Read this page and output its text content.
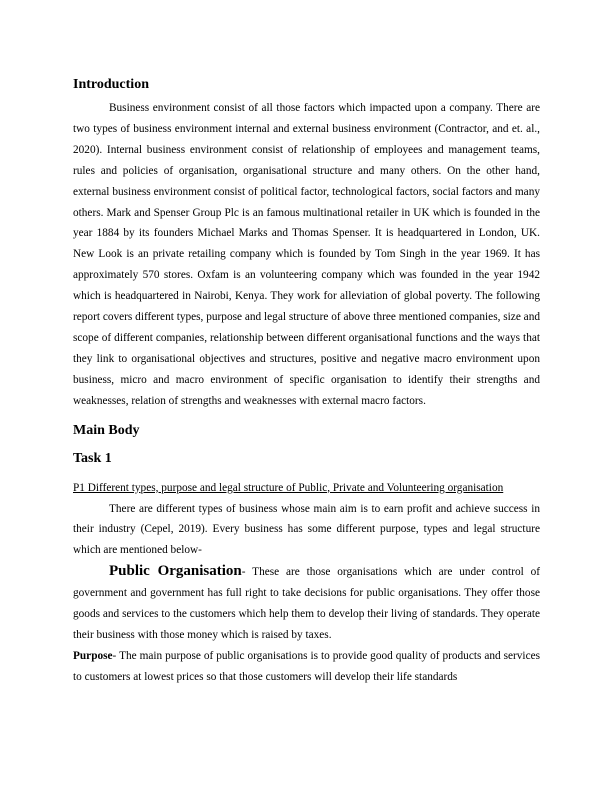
Introduction

Business environment consist of all those factors which impacted upon a company. There are two types of business environment internal and external business environment (Contractor, and et. al., 2020). Internal business environment consist of relationship of employees and management teams, rules and policies of organisation, organisational structure and many others. On the other hand, external business environment consist of political factor, technological factors, social factors and many others. Mark and Spenser Group Plc is an famous multinational retailer in UK which is founded in the year 1884 by its founders Michael Marks and Thomas Spenser. It is headquartered in London, UK. New Look is an private retailing company which is founded by Tom Singh in the year 1969. It has approximately 570 stores. Oxfam is an volunteering company which was founded in the year 1942 which is headquartered in Nairobi, Kenya. They work for alleviation of global poverty. The following report covers different types, purpose and legal structure of above three mentioned companies, size and scope of different companies, relationship between different organisational functions and the ways that they link to organisational objectives and structures, positive and negative macro environment upon business, micro and macro environment of specific organisation to identify their strengths and weaknesses, relation of strengths and weaknesses with external macro factors.

Main Body
Task 1

P1 Different types, purpose and legal structure of Public, Private and Volunteering organisation

There are different types of business whose main aim is to earn profit and achieve success in their industry (Cepel, 2019). Every business has some different purpose, types and legal structure which are mentioned below-

Public Organisation- These are those organisations which are under control of government and government has full right to take decisions for public organisations. They offer those goods and services to the customers which help them to develop their living of standards. They operate their business with those money which is raised by taxes.

Purpose- The main purpose of public organisations is to provide good quality of products and services to customers at lowest prices so that those customers will develop their life standards
